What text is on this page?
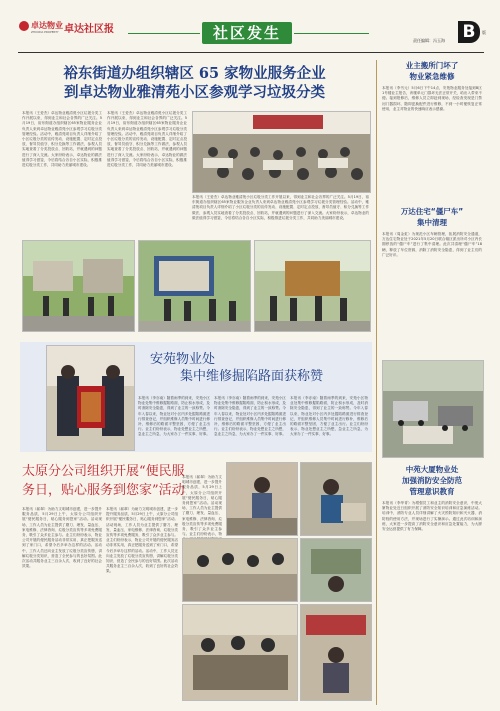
卓达物业
ZHUODA PROPERTY 卓达社区报	社区发生	责任编辑：冯玉海 B	版
裕东街道办组织辖区 65 家物业服务企业
到卓达物业雅清苑小区参观学习垃圾分类
本报讯（王爱杰）卓达物业雅清苑小区垃圾分类工作开展以来，得到业主和社会各界的广泛关注。5月19日，裕东街道办组织辖区65家物业服务企业负责人来到卓达物业雅清苑小区参观学习垃圾分类管理经验。活动中，雅清苑项目负责人详细介绍了小区垃圾分类的宣传发动、设施配置、定时定点投放、督导员值守、积分兑换等工作做法，参观人员实地查看了分类投放点、回收站，并就遇到的问题进行了深入交流。大家纷纷表示，卓达物业的做法值得学习借鉴，今后将结合各自小区实际，积极推进垃圾分类工作，共同助力美丽城市建设。
本报讯（王爱杰）卓达物业雅清苑小区垃圾分类工作开展以来，得到业主和社会各界的广泛关注。5月19日，裕东街道办组织辖区65家物业服务企业负责人来到卓达物业雅清苑小区参观学习垃圾分类管理经验。活动中，雅清苑项目负责人详细介绍了小区垃圾分类的宣传发动、设施配置、定时定点投放、督导员值守、积分兑换等工作做法，参观人员实地查看了分类投放点、回收站，并就遇到的问题进行了深入交流。大家纷纷表示，卓达物业的做法值得学习借鉴，今后将结合各自小区实际，积极推进垃圾分类工作，共同助力美丽城市建设。
本报讯（王爱杰）卓达物业雅清苑小区垃圾分类工作开展以来，得到业主和社会各界的广泛关注。5月19日，裕东街道办组织辖区65家物业服务企业负责人来到卓达物业雅清苑小区参观学习垃圾分类管理经验。活动中，雅清苑项目负责人详细介绍了小区垃圾分类的宣传发动、设施配置、定时定点投放、督导员值守、积分兑换等工作做法，参观人员实地查看了分类投放点、回收站，并就遇到的问题进行了深入交流。大家纷纷表示，卓达物业的做法值得学习借鉴，今后将结合各自小区实际，积极推进垃圾分类工作，共同助力美丽城市建设。
安苑物业处
集中维修掘陷路面获称赞
本报讯（李亦南）随着雨季的到来，安苑小区物业处集中维修掘陷路面，防止积水形成，及时消除安全隐患，得到了业主的一致称赞。今年入春以来，物业处对小区内多处掘陷路面进行排查登记，并组织维修人员集中时间进行修补，维修后的路面平整坚固，方便了业主出行。业主们纷纷表示，物业处想业主之所想，急业主之所急，为大家办了一件实事、好事。
本报讯（李亦南）随着雨季的到来，安苑小区物业处集中维修掘陷路面，防止积水形成，及时消除安全隐患，得到了业主的一致称赞。今年入春以来，物业处对小区内多处掘陷路面进行排查登记，并组织维修人员集中时间进行修补，维修后的路面平整坚固，方便了业主出行。业主们纷纷表示，物业处想业主之所想，急业主之所急，为大家办了一件实事、好事。
本报讯（李亦南）随着雨季的到来，安苑小区物业处集中维修掘陷路面，防止积水形成，及时消除安全隐患，得到了业主的一致称赞。今年入春以来，物业处对小区内多处掘陷路面进行排查登记，并组织维修人员集中时间进行修补，维修后的路面平整坚固，方便了业主出行。业主们纷纷表示，物业处想业主之所想，急业主之所急，为大家办了一件实事、好事。
太原分公司组织开展“便民服
务日，贴心服务到您家”活动
本报讯（郝翠）为助力文明城市创建，进一步提升服务品质，5月29日上午，太原分公司组织开展“便民服务日，贴心服务到您家”活动。活动现场，工作人员为业主提供了磨刀、理发、量血压、家电维修、法律咨询、垃圾分类宣传等多项免费服务，吸引了众多业主参与。业主们纷纷表示，物业公司开展的便民服务活动非常实用，真正把服务送到了家门口，希望今后多举办这样的活动。活动中，工作人员还向业主发放了垃圾分类宣传册，讲解垃圾分类知识，营造了全民参与的良好氛围。此次活动共服务业主三百余人次，收到了良好的社会效果。
本报讯（郝翠）为助力文明城市创建，进一步提升服务品质，5月29日上午，太原分公司组织开展“便民服务日，贴心服务到您家”活动。活动现场，工作人员为业主提供了磨刀、理发、量血压、家电维修、法律咨询、垃圾分类宣传等多项免费服务，吸引了众多业主参与。业主们纷纷表示，物业公司开展的便民服务活动非常实用，真正把服务送到了家门口，希望今后多举办这样的活动。活动中，工作人员还向业主发放了垃圾分类宣传册，讲解垃圾分类知识，营造了全民参与的良好氛围。此次活动共服务业主三百余人次，收到了良好的社会效果。
本报讯（郝翠）为助力文明城市创建，进一步提升服务品质，5月29日上午，太原分公司组织开展“便民服务日，贴心服务到您家”活动。活动现场，工作人员为业主提供了磨刀、理发、量血压、家电维修、法律咨询、垃圾分类宣传等多项免费服务，吸引了众多业主参与。业主们纷纷表示，物
业主搬所门坏了
物业紧急维修
本报讯（李书元）5月6日下午14点，安苑物业服务处接到B区1号楼业主报告，该楼单元门损坏无法正常开关，给出入带来不便。接到报修后，维修人员立即赶到现场，经检查发现是门禁闭门器损坏，随即更换配件进行维修，不到一小时便恢复正常使用，业主对物业的快速响应表示感谢。
万达住宅“僵尸车”
集中清理
本报讯（周金虹）为规范小区车辆管理，拓展消防安全通道，万达住宅物业处于2021年5月20日联合辖区派出所对小区内长期停放的“僵尸车”进行了集中清理。此次共清理“僵尸车”18辆，释放了车位资源，消除了消防安全隐患，得到了业主们的广泛好评。
中苑大厦物业处
加强消防安全防范
管理意识教育
本报讯（李华青）为增强员工和业主的消防安全意识，中苑大厦物业处近日组织开展了消防安全知识培训和应急演练活动。培训中，消防专业人员详细讲解了火灾预防知识和灭火器、消防栓的使用方法，并现场进行了实操演示。通过此次培训和演练，大家进一步提高了消防安全意识和应急处置能力，为大厦安全运营提供了有力保障。
